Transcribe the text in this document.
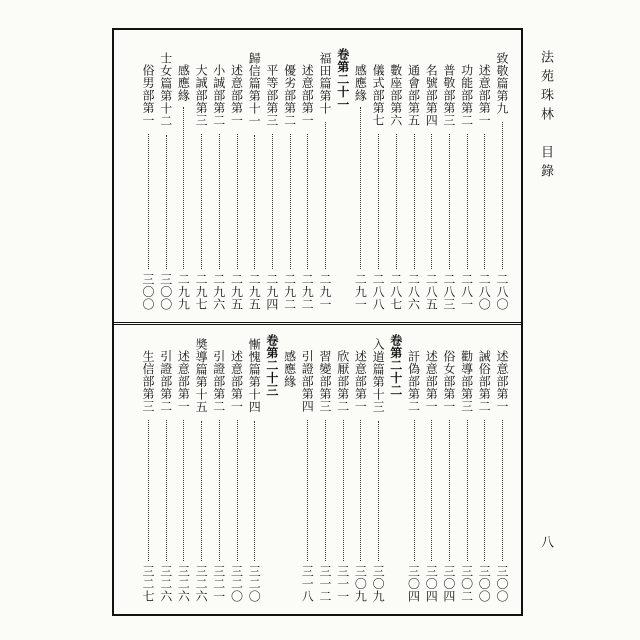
法苑珠林　目錄
八
致敬篇第九
二八〇
述意部第一
二八〇
功能部第二
二八一
普敬部第三
二八三
名號部第四
二八五
通會部第五
二八六
數座部第六
二八七
儀式部第七
二八八
感應緣
二九一
卷第二十一
福田篇第十
二九一
述意部第一
二九二
優劣部第二
二九二
平等部第三
二九四
歸信篇第十一
二九五
述意部第一
二九五
小誠部第二
二九六
大誠部第三
二九七
感應緣
二九九
士女篇第十二
三〇〇
俗男部第一
三〇〇
述意部第一
三〇〇
誡俗部第二
三〇〇
勸導部第三
三〇二
俗女部第一
三〇四
述意部第一
三〇四
訐偽部第二
三〇四
卷第二十二
入道篇第十三
三〇九
述意部第一
三〇九
欣厭部第二
三一一
習變部第三
三一二
引證部第四
三一八
感應緣
卷第二十三
慚愧篇第十四
三二〇
述意部第一
三二〇
引證部第二
三二一
奬導篇第十五
三二六
述意部第一
三二六
引證部第二
三二六
生信部第三
三二七
